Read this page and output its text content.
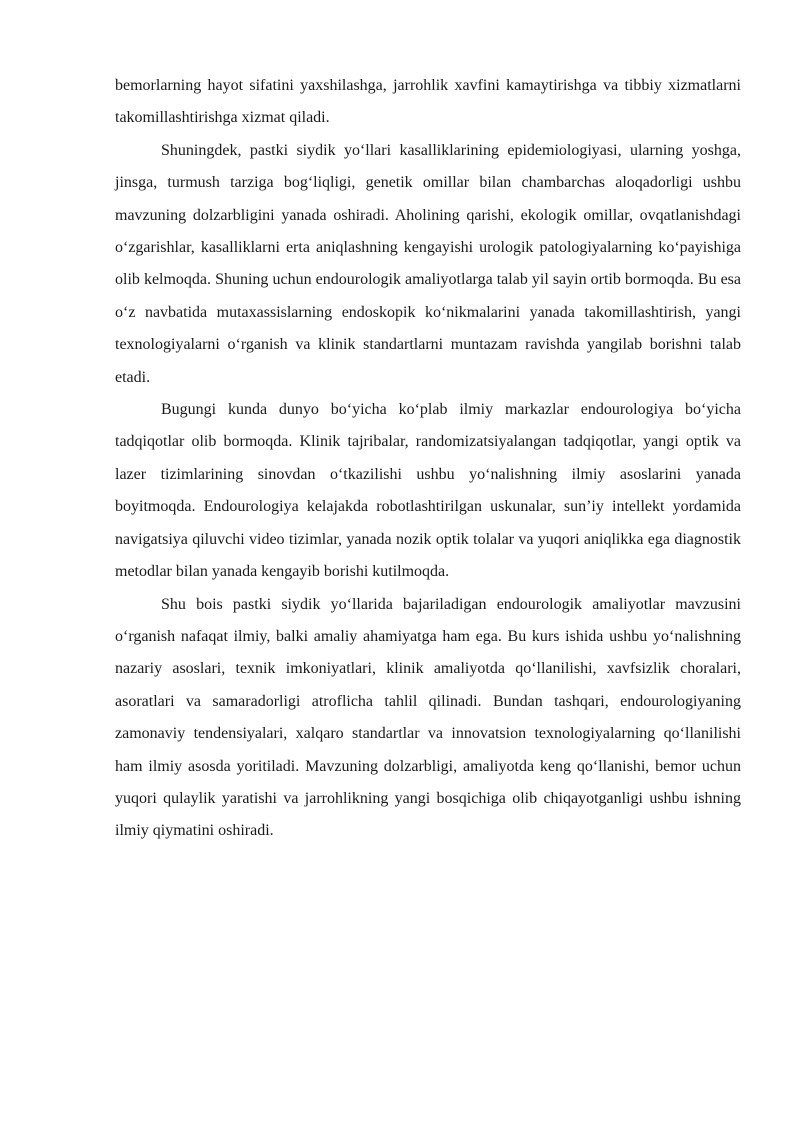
bemorlarning hayot sifatini yaxshilashga, jarrohlik xavfini kamaytirishga va tibbiy xizmatlarni takomillashtirishga xizmat qiladi.

Shuningdek, pastki siydik yo‘llari kasalliklarining epidemiologiyasi, ularning yoshga, jinsga, turmush tarziga bog‘liqligi, genetik omillar bilan chambarchas aloqadorligi ushbu mavzuning dolzarbligini yanada oshiradi. Aholining qarishi, ekologik omillar, ovqatlanishdagi o‘zgarishlar, kasalliklarni erta aniqlashning kengayishi urologik patologiyalarning ko‘payishiga olib kelmoqda. Shuning uchun endourologik amaliyotlarga talab yil sayin ortib bormoqda. Bu esa o‘z navbatida mutaxassislarning endoskopik ko‘nikmalarini yanada takomillashtirish, yangi texnologiyalarni o‘rganish va klinik standartlarni muntazam ravishda yangilab borishni talab etadi.

Bugungi kunda dunyo bo‘yicha ko‘plab ilmiy markazlar endourologiya bo‘yicha tadqiqotlar olib bormoqda. Klinik tajribalar, randomizatsiyalangan tadqiqotlar, yangi optik va lazer tizimlarining sinovdan o‘tkazilishi ushbu yo‘nalishning ilmiy asoslarini yanada boyitmoqda. Endourologiya kelajakda robotlashtirilgan uskunalar, sun’iy intellekt yordamida navigatsiya qiluvchi video tizimlar, yanada nozik optik tolalar va yuqori aniqlikka ega diagnostik metodlar bilan yanada kengayib borishi kutilmoqda.

Shu bois pastki siydik yo‘llarida bajariladigan endourologik amaliyotlar mavzusini o‘rganish nafaqat ilmiy, balki amaliy ahamiyatga ham ega. Bu kurs ishida ushbu yo‘nalishning nazariy asoslari, texnik imkoniyatlari, klinik amaliyotda qo‘llanilishi, xavfsizlik choralari, asoratlari va samaradorligi atroflicha tahlil qilinadi. Bundan tashqari, endourologiyaning zamonaviy tendensiyalari, xalqaro standartlar va innovatsion texnologiyalarning qo‘llanilishi ham ilmiy asosda yoritiladi. Mavzuning dolzarbligi, amaliyotda keng qo‘llanishi, bemor uchun yuqori qulaylik yaratishi va jarrohlikning yangi bosqichiga olib chiqayotganligi ushbu ishning ilmiy qiymatini oshiradi.
